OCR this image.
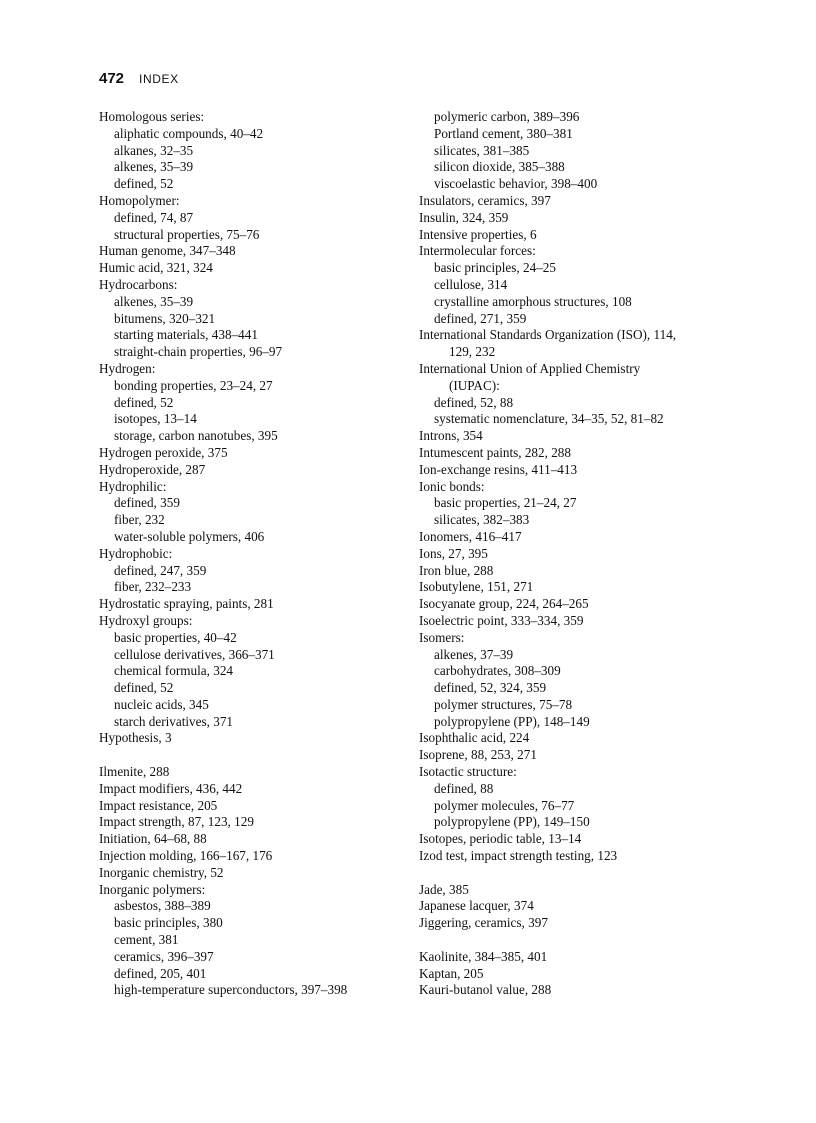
472 INDEX
Homologous series:
aliphatic compounds, 40–42
alkanes, 32–35
alkenes, 35–39
defined, 52
Homopolymer:
defined, 74, 87
structural properties, 75–76
Human genome, 347–348
Humic acid, 321, 324
Hydrocarbons:
alkenes, 35–39
bitumens, 320–321
starting materials, 438–441
straight-chain properties, 96–97
Hydrogen:
bonding properties, 23–24, 27
defined, 52
isotopes, 13–14
storage, carbon nanotubes, 395
Hydrogen peroxide, 375
Hydroperoxide, 287
Hydrophilic:
defined, 359
fiber, 232
water-soluble polymers, 406
Hydrophobic:
defined, 247, 359
fiber, 232–233
Hydrostatic spraying, paints, 281
Hydroxyl groups:
basic properties, 40–42
cellulose derivatives, 366–371
chemical formula, 324
defined, 52
nucleic acids, 345
starch derivatives, 371
Hypothesis, 3
Ilmenite, 288
Impact modifiers, 436, 442
Impact resistance, 205
Impact strength, 87, 123, 129
Initiation, 64–68, 88
Injection molding, 166–167, 176
Inorganic chemistry, 52
Inorganic polymers:
asbestos, 388–389
basic principles, 380
cement, 381
ceramics, 396–397
defined, 205, 401
high-temperature superconductors, 397–398
polymeric carbon, 389–396
Portland cement, 380–381
silicates, 381–385
silicon dioxide, 385–388
viscoelastic behavior, 398–400
Insulators, ceramics, 397
Insulin, 324, 359
Intensive properties, 6
Intermolecular forces:
basic principles, 24–25
cellulose, 314
crystalline amorphous structures, 108
defined, 271, 359
International Standards Organization (ISO), 114,
129, 232
International Union of Applied Chemistry
(IUPAC):
defined, 52, 88
systematic nomenclature, 34–35, 52, 81–82
Introns, 354
Intumescent paints, 282, 288
Ion-exchange resins, 411–413
Ionic bonds:
basic properties, 21–24, 27
silicates, 382–383
Ionomers, 416–417
Ions, 27, 395
Iron blue, 288
Isobutylene, 151, 271
Isocyanate group, 224, 264–265
Isoelectric point, 333–334, 359
Isomers:
alkenes, 37–39
carbohydrates, 308–309
defined, 52, 324, 359
polymer structures, 75–78
polypropylene (PP), 148–149
Isophthalic acid, 224
Isoprene, 88, 253, 271
Isotactic structure:
defined, 88
polymer molecules, 76–77
polypropylene (PP), 149–150
Isotopes, periodic table, 13–14
Izod test, impact strength testing, 123
Jade, 385
Japanese lacquer, 374
Jiggering, ceramics, 397
Kaolinite, 384–385, 401
Kaptan, 205
Kauri-butanol value, 288
